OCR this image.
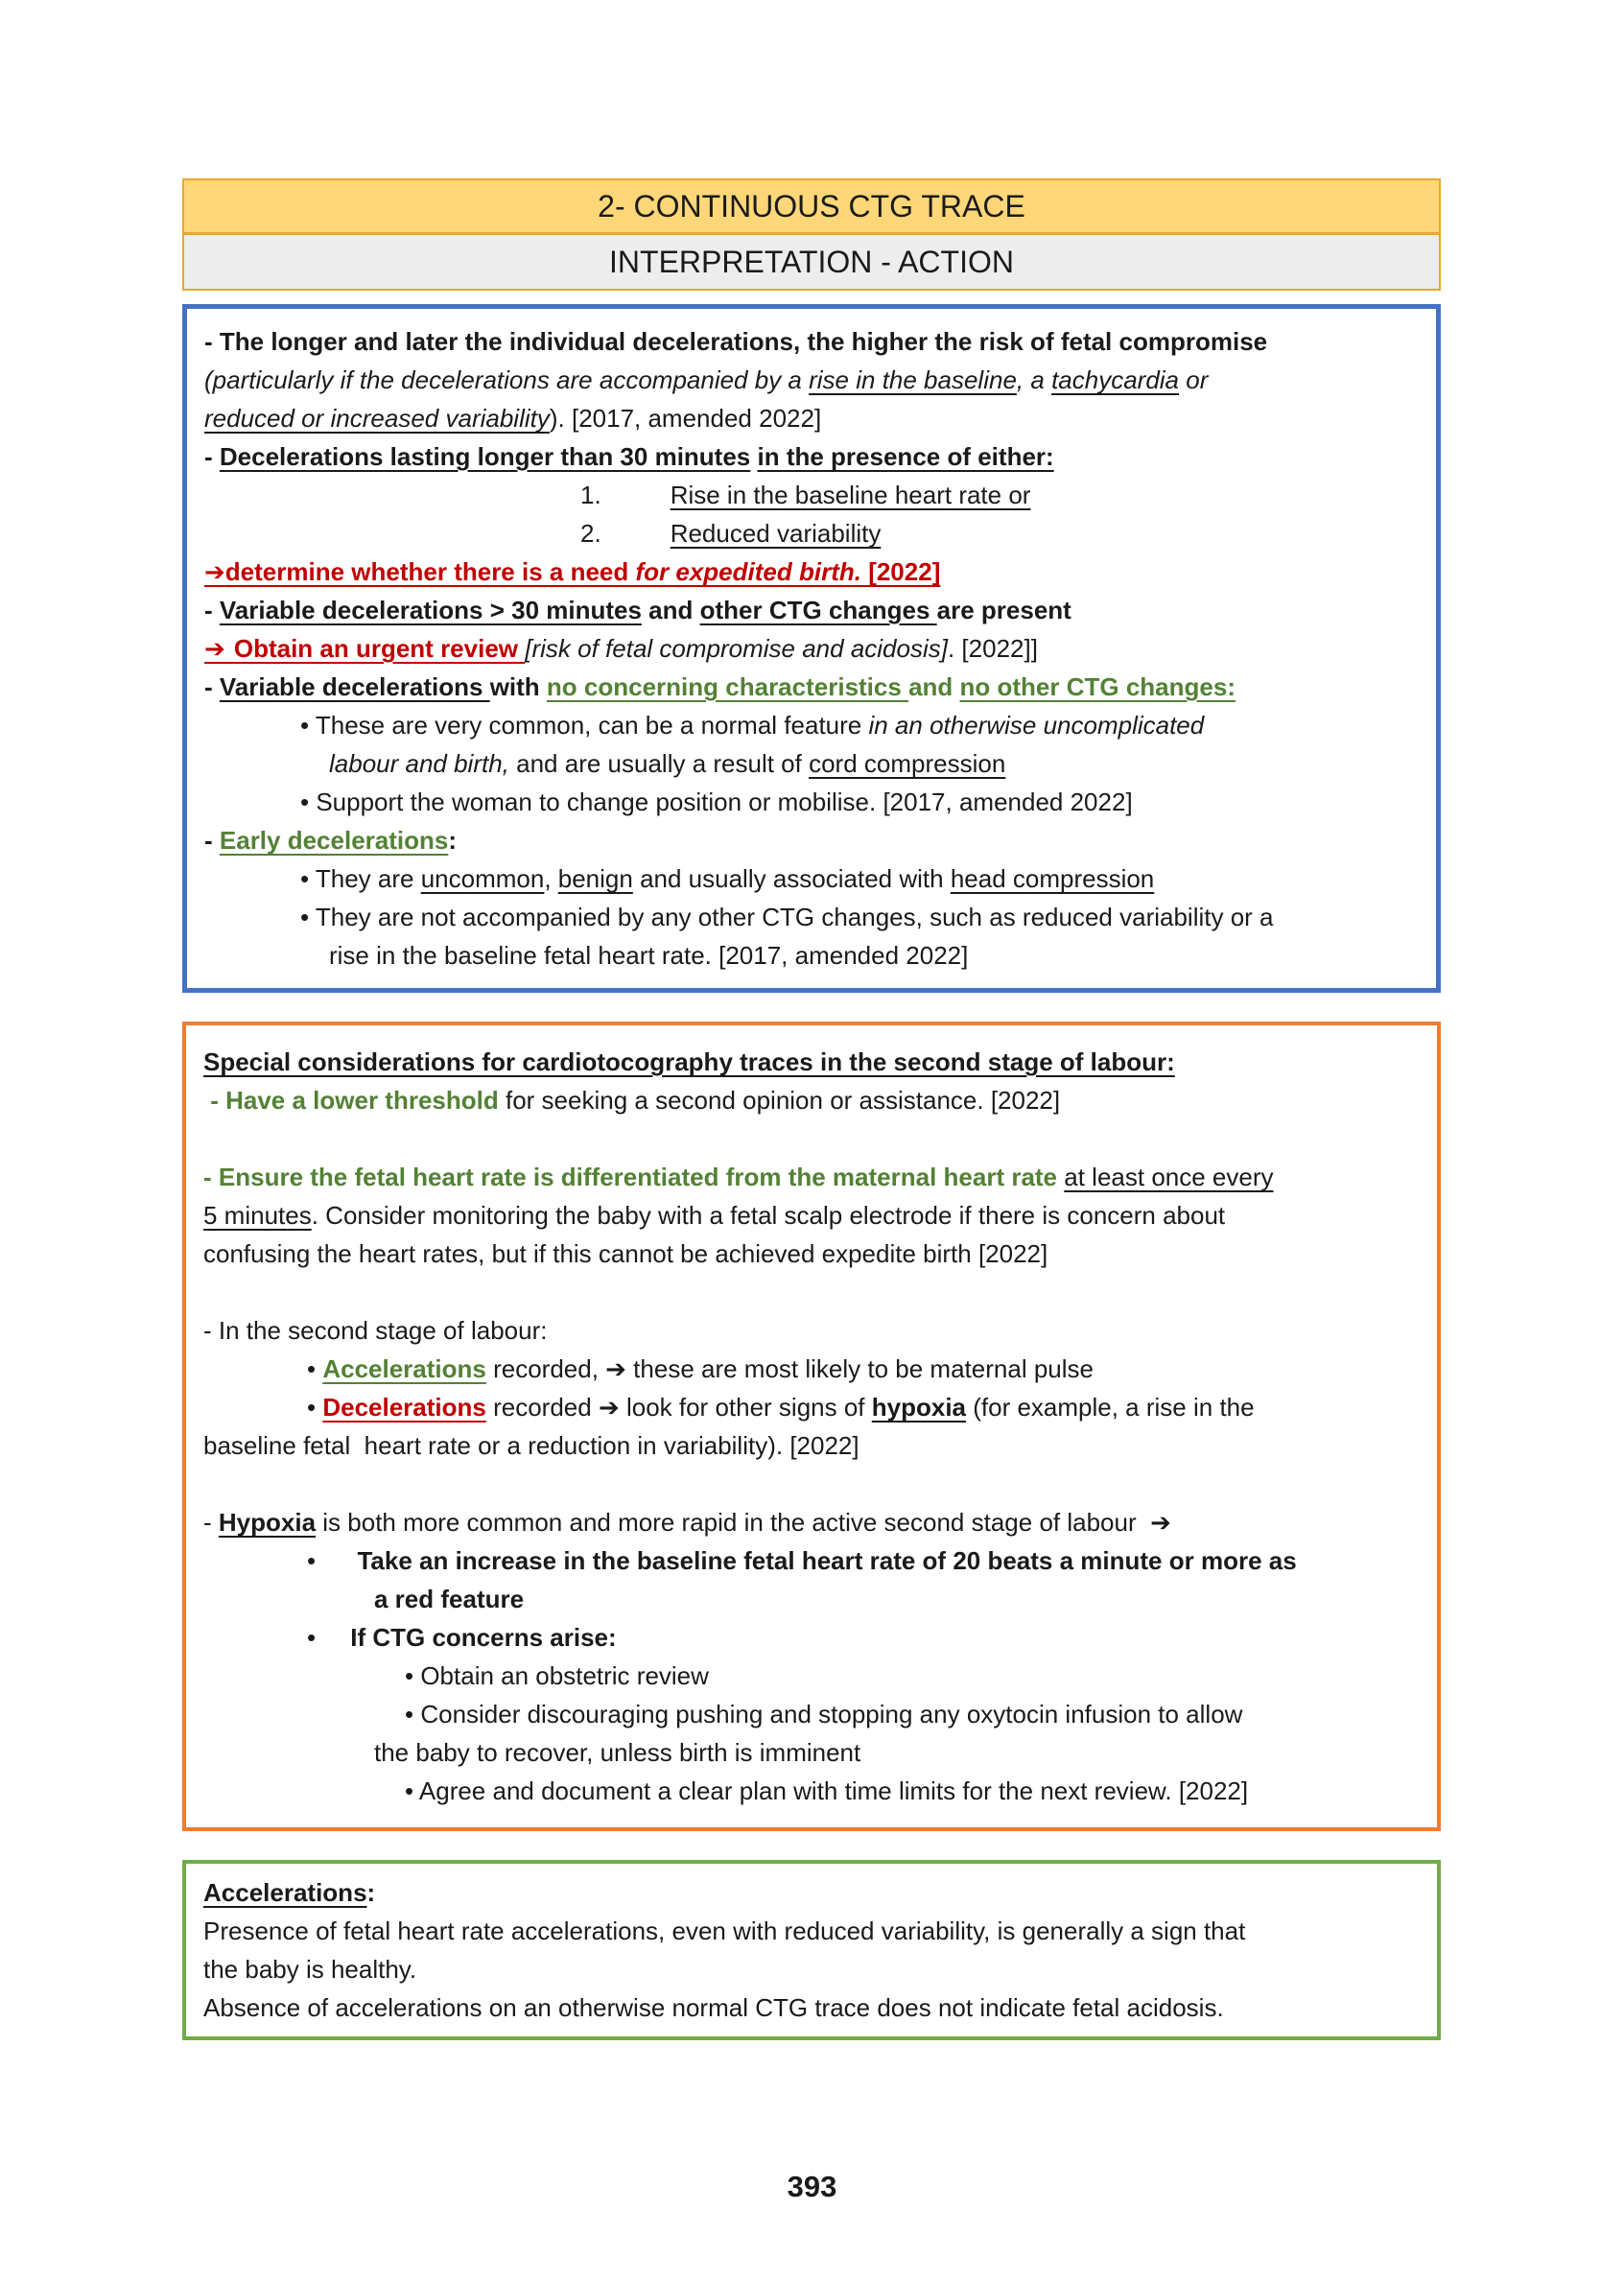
2- CONTINUOUS CTG TRACE
INTERPRETATION - ACTION
- The longer and later the individual decelerations, the higher the risk of fetal compromise
(particularly if the decelerations are accompanied by a rise in the baseline, a tachycardia or
reduced or increased variability). [2017, amended 2022]
- Decelerations lasting longer than 30 minutes in the presence of either:
1.	Rise in the baseline heart rate or
2.	Reduced variability
➔determine whether there is a need for expedited birth. [2022]
- Variable decelerations > 30 minutes and other CTG changes are present
➔ Obtain an urgent review [risk of fetal compromise and acidosis]. [2022]]
- Variable decelerations with no concerning characteristics and no other CTG changes:
• These are very common, can be a normal feature in an otherwise uncomplicated
labour and birth, and are usually a result of cord compression
• Support the woman to change position or mobilise. [2017, amended 2022]
- Early decelerations:
• They are uncommon, benign and usually associated with head compression
• They are not accompanied by any other CTG changes, such as reduced variability or a
rise in the baseline fetal heart rate. [2017, amended 2022]
Special considerations for cardiotocography traces in the second stage of labour:
- Have a lower threshold for seeking a second opinion or assistance. [2022]

- Ensure the fetal heart rate is differentiated from the maternal heart rate at least once every
5 minutes. Consider monitoring the baby with a fetal scalp electrode if there is concern about
confusing the heart rates, but if this cannot be achieved expedite birth [2022]

- In the second stage of labour:
• Accelerations recorded, ➔ these are most likely to be maternal pulse
• Decelerations recorded ➔ look for other signs of hypoxia (for example, a rise in the
baseline fetal  heart rate or a reduction in variability). [2022]

- Hypoxia is both more common and more rapid in the active second stage of labour  ➔
•      Take an increase in the baseline fetal heart rate of 20 beats a minute or more as
a red feature
•     If CTG concerns arise:
• Obtain an obstetric review
• Consider discouraging pushing and stopping any oxytocin infusion to allow
the baby to recover, unless birth is imminent
• Agree and document a clear plan with time limits for the next review. [2022]
Accelerations:
Presence of fetal heart rate accelerations, even with reduced variability, is generally a sign that
the baby is healthy.
Absence of accelerations on an otherwise normal CTG trace does not indicate fetal acidosis.
393
